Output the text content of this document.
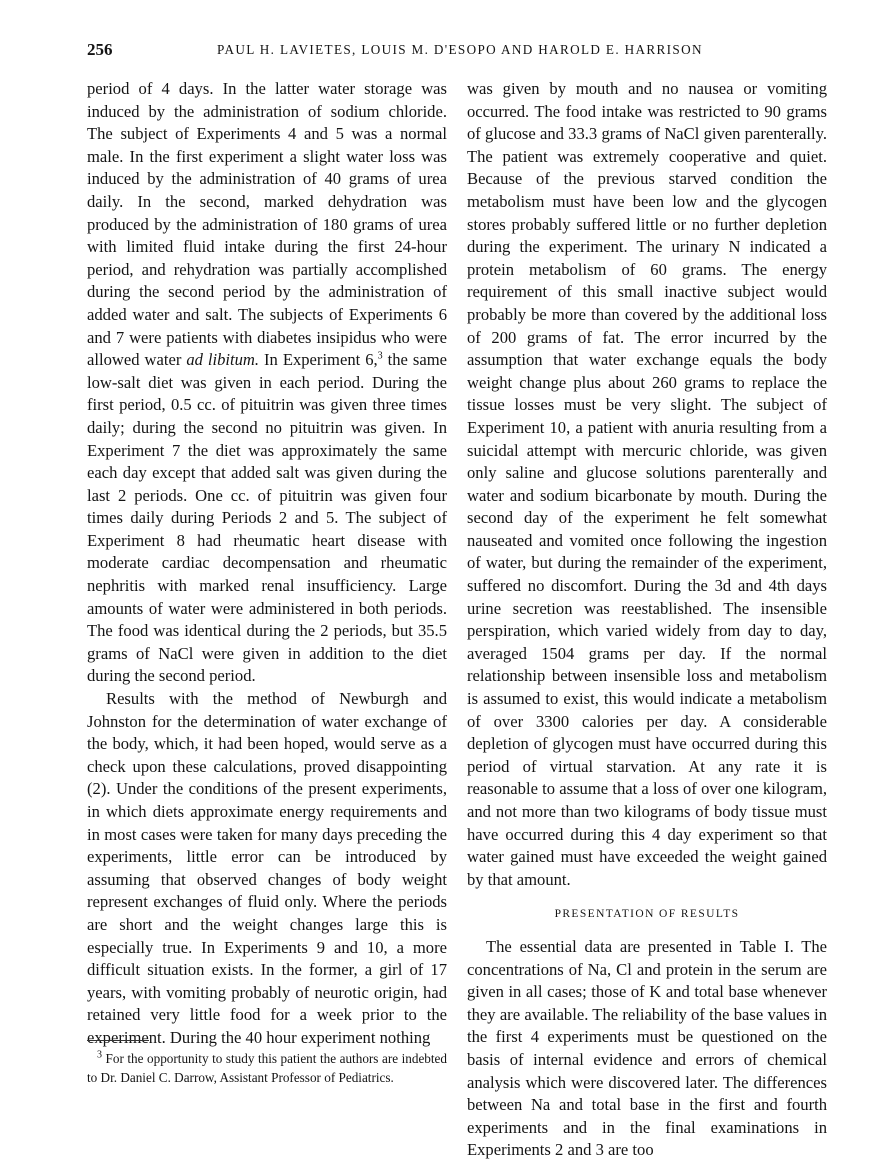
256	PAUL H. LAVIETES, LOUIS M. D'ESOPO AND HAROLD E. HARRISON

period of 4 days. In the latter water storage was induced by the administration of sodium chloride. The subject of Experiments 4 and 5 was a normal male. In the first experiment a slight water loss was induced by the administration of 40 grams of urea daily. In the second, marked dehydration was produced by the administration of 180 grams of urea with limited fluid intake during the first 24-hour period, and rehydration was partially accomplished during the second period by the administration of added water and salt. The subjects of Experiments 6 and 7 were patients with diabetes insipidus who were allowed water ad libitum. In Experiment 6,$^3$ the same low-salt diet was given in each period. During the first period, 0.5 cc. of pituitrin was given three times daily; during the second no pituitrin was given. In Experiment 7 the diet was approximately the same each day except that added salt was given during the last 2 periods. One cc. of pituitrin was given four times daily during Periods 2 and 5. The subject of Experiment 8 had rheumatic heart disease with moderate cardiac decompensation and rheumatic nephritis with marked renal insufficiency. Large amounts of water were administered in both periods. The food was identical during the 2 periods, but 35.5 grams of NaCl were given in addition to the diet during the second period.

Results with the method of Newburgh and Johnston for the determination of water exchange of the body, which, it had been hoped, would serve as a check upon these calculations, proved disappointing (2). Under the conditions of the present experiments, in which diets approximate energy requirements and in most cases were taken for many days preceding the experiments, little error can be introduced by assuming that observed changes of body weight represent exchanges of fluid only. Where the periods are short and the weight changes large this is especially true. In Experiments 9 and 10, a more difficult situation exists. In the former, a girl of 17 years, with vomiting probably of neurotic origin, had retained very little food for a week prior to the experiment. During the 40 hour experiment nothing

$^3$ For the opportunity to study this patient the authors are indebted to Dr. Daniel C. Darrow, Assistant Professor of Pediatrics.

was given by mouth and no nausea or vomiting occurred. The food intake was restricted to 90 grams of glucose and 33.3 grams of NaCl given parenterally. The patient was extremely cooperative and quiet. Because of the previous starved condition the metabolism must have been low and the glycogen stores probably suffered little or no further depletion during the experiment. The urinary N indicated a protein metabolism of 60 grams. The energy requirement of this small inactive subject would probably be more than covered by the additional loss of 200 grams of fat. The error incurred by the assumption that water exchange equals the body weight change plus about 260 grams to replace the tissue losses must be very slight. The subject of Experiment 10, a patient with anuria resulting from a suicidal attempt with mercuric chloride, was given only saline and glucose solutions parenterally and water and sodium bicarbonate by mouth. During the second day of the experiment he felt somewhat nauseated and vomited once following the ingestion of water, but during the remainder of the experiment, suffered no discomfort. During the 3d and 4th days urine secretion was reestablished. The insensible perspiration, which varied widely from day to day, averaged 1504 grams per day. If the normal relationship between insensible loss and metabolism is assumed to exist, this would indicate a metabolism of over 3300 calories per day. A considerable depletion of glycogen must have occurred during this period of virtual starvation. At any rate it is reasonable to assume that a loss of over one kilogram, and not more than two kilograms of body tissue must have occurred during this 4 day experiment so that water gained must have exceeded the weight gained by that amount.

PRESENTATION OF RESULTS

The essential data are presented in Table I. The concentrations of Na, Cl and protein in the serum are given in all cases; those of K and total base whenever they are available. The reliability of the base values in the first 4 experiments must be questioned on the basis of internal evidence and errors of chemical analysis which were discovered later. The differences between Na and total base in the first and fourth experiments and in the final examinations in Experiments 2 and 3 are too
